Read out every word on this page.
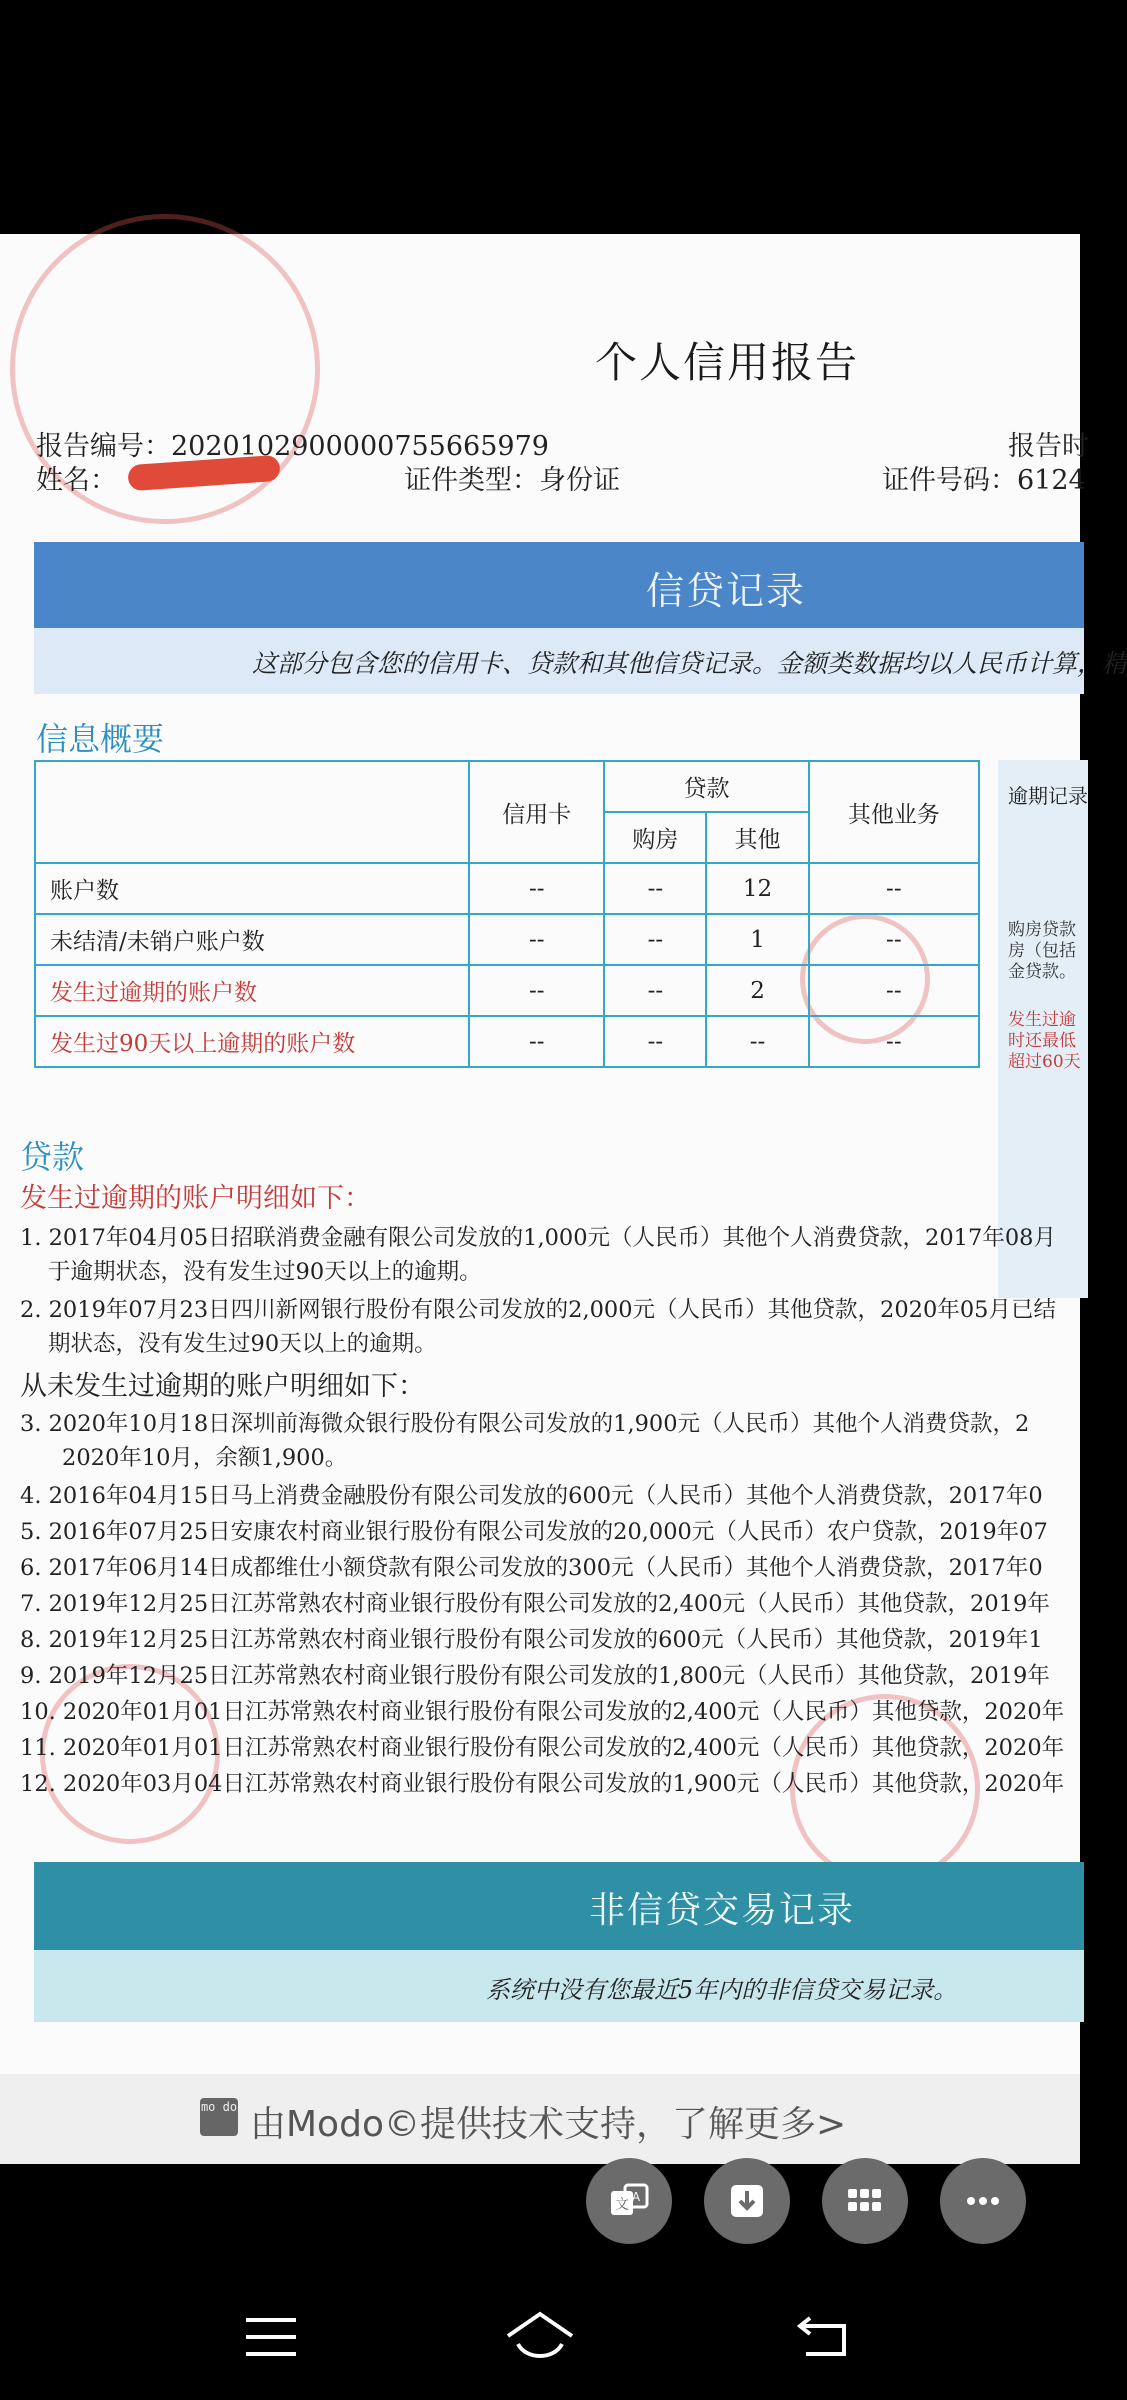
个人信用报告
报告编号：2020102900000755665979	报告时
姓名：	证件类型：身份证	证件号码：6124
信贷记录
这部分包含您的信用卡、贷款和其他信贷记录。金额类数据均以人民币计算，精
信息概要
	信用卡	贷款		其他业务
		购房	其他	
账户数	--	--	12	--
未结清/未销户账户数	--	--	1	--
发生过逾期的账户数	--	--	2	--
发生过90天以上逾期的账户数	--	--	--	--
逾期记录
购房贷款房（包括金贷款。
发生过逾时还最低超过60天
贷款
发生过逾期的账户明细如下：
1. 2017年04月05日招联消费金融有限公司发放的1,000元（人民币）其他个人消费贷款，2017年08月
于逾期状态，没有发生过90天以上的逾期。
2. 2019年07月23日四川新网银行股份有限公司发放的2,000元（人民币）其他贷款，2020年05月已结
期状态，没有发生过90天以上的逾期。
从未发生过逾期的账户明细如下：
3. 2020年10月18日深圳前海微众银行股份有限公司发放的1,900元（人民币）其他个人消费贷款，2
2020年10月，余额1,900。
4. 2016年04月15日马上消费金融股份有限公司发放的600元（人民币）其他个人消费贷款，2017年0
5. 2016年07月25日安康农村商业银行股份有限公司发放的20,000元（人民币）农户贷款，2019年07
6. 2017年06月14日成都维仕小额贷款有限公司发放的300元（人民币）其他个人消费贷款，2017年0
7. 2019年12月25日江苏常熟农村商业银行股份有限公司发放的2,400元（人民币）其他贷款，2019年
8. 2019年12月25日江苏常熟农村商业银行股份有限公司发放的600元（人民币）其他贷款，2019年1
9. 2019年12月25日江苏常熟农村商业银行股份有限公司发放的1,800元（人民币）其他贷款，2019年
10. 2020年01月01日江苏常熟农村商业银行股份有限公司发放的2,400元（人民币）其他贷款，2020年
11. 2020年01月01日江苏常熟农村商业银行股份有限公司发放的2,400元（人民币）其他贷款，2020年
12. 2020年03月04日江苏常熟农村商业银行股份有限公司发放的1,900元（人民币）其他贷款，2020年
非信贷交易记录
系统中没有您最近5年内的非信贷交易记录。
mo do 由Modo©提供技术支持，了解更多>
文 A
